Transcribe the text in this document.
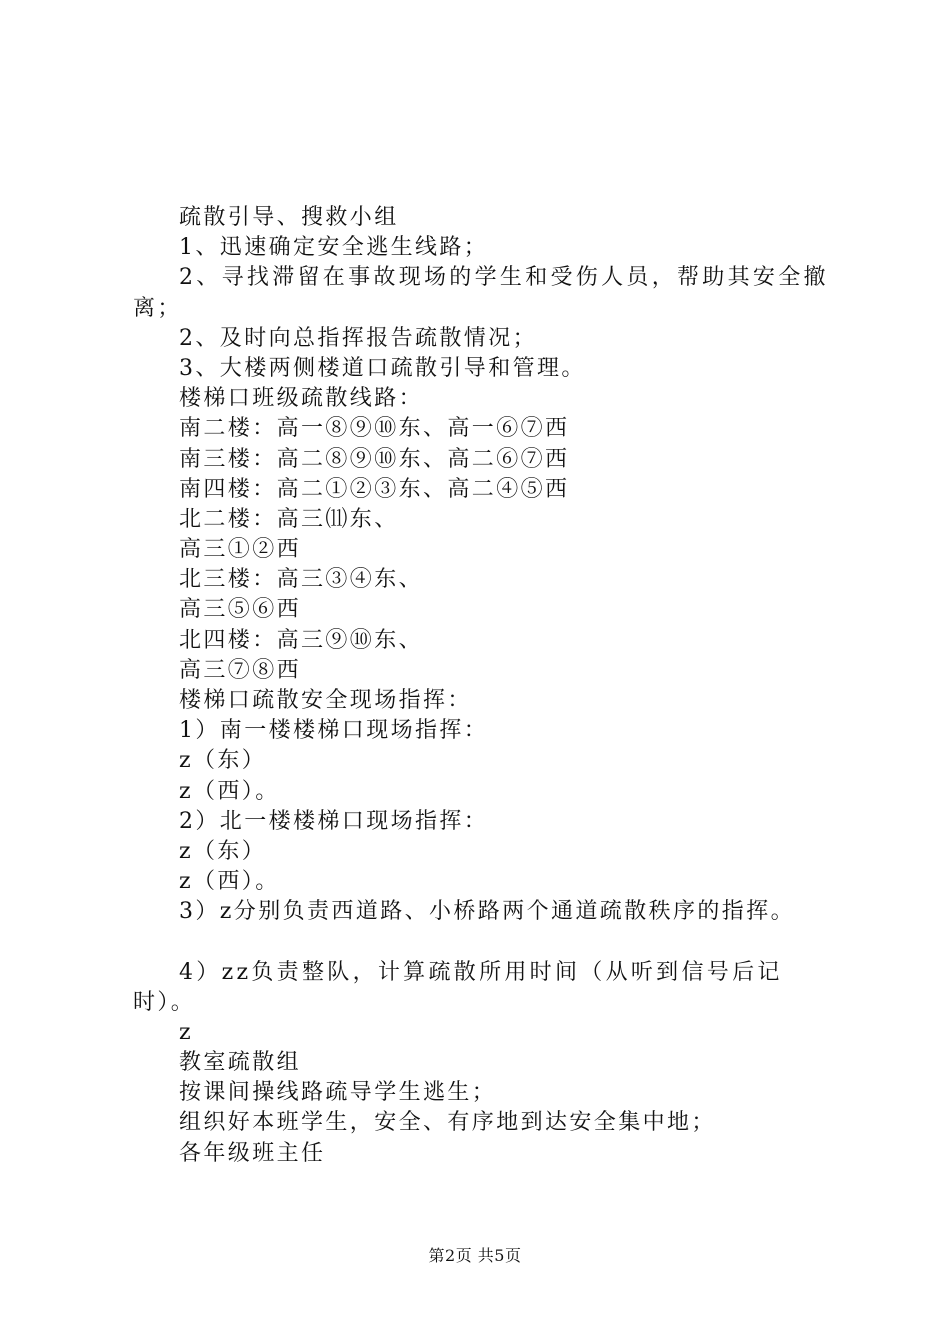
疏散引导、搜救小组
1、迅速确定安全逃生线路；
2、寻找滞留在事故现场的学生和受伤人员，帮助其安全撤
离；
2、及时向总指挥报告疏散情况；
3、大楼两侧楼道口疏散引导和管理。
楼梯口班级疏散线路：
南二楼：高一⑧⑨⑩东、高一⑥⑦西
南三楼：高二⑧⑨⑩东、高二⑥⑦西
南四楼：高二①②③东、高二④⑤西
北二楼：高三⑾东、
高三①②西
北三楼：高三③④东、
高三⑤⑥西
北四楼：高三⑨⑩东、
高三⑦⑧西
楼梯口疏散安全现场指挥：
1）南一楼楼梯口现场指挥：
z（东）
z（西）。
2）北一楼楼梯口现场指挥：
z（东）
z（西）。
3）z分别负责西道路、小桥路两个通道疏散秩序的指挥。
4）zz负责整队，计算疏散所用时间（从听到信号后记
时）。
z
教室疏散组
按课间操线路疏导学生逃生；
组织好本班学生，安全、有序地到达安全集中地；
各年级班主任
第2页 共5页
